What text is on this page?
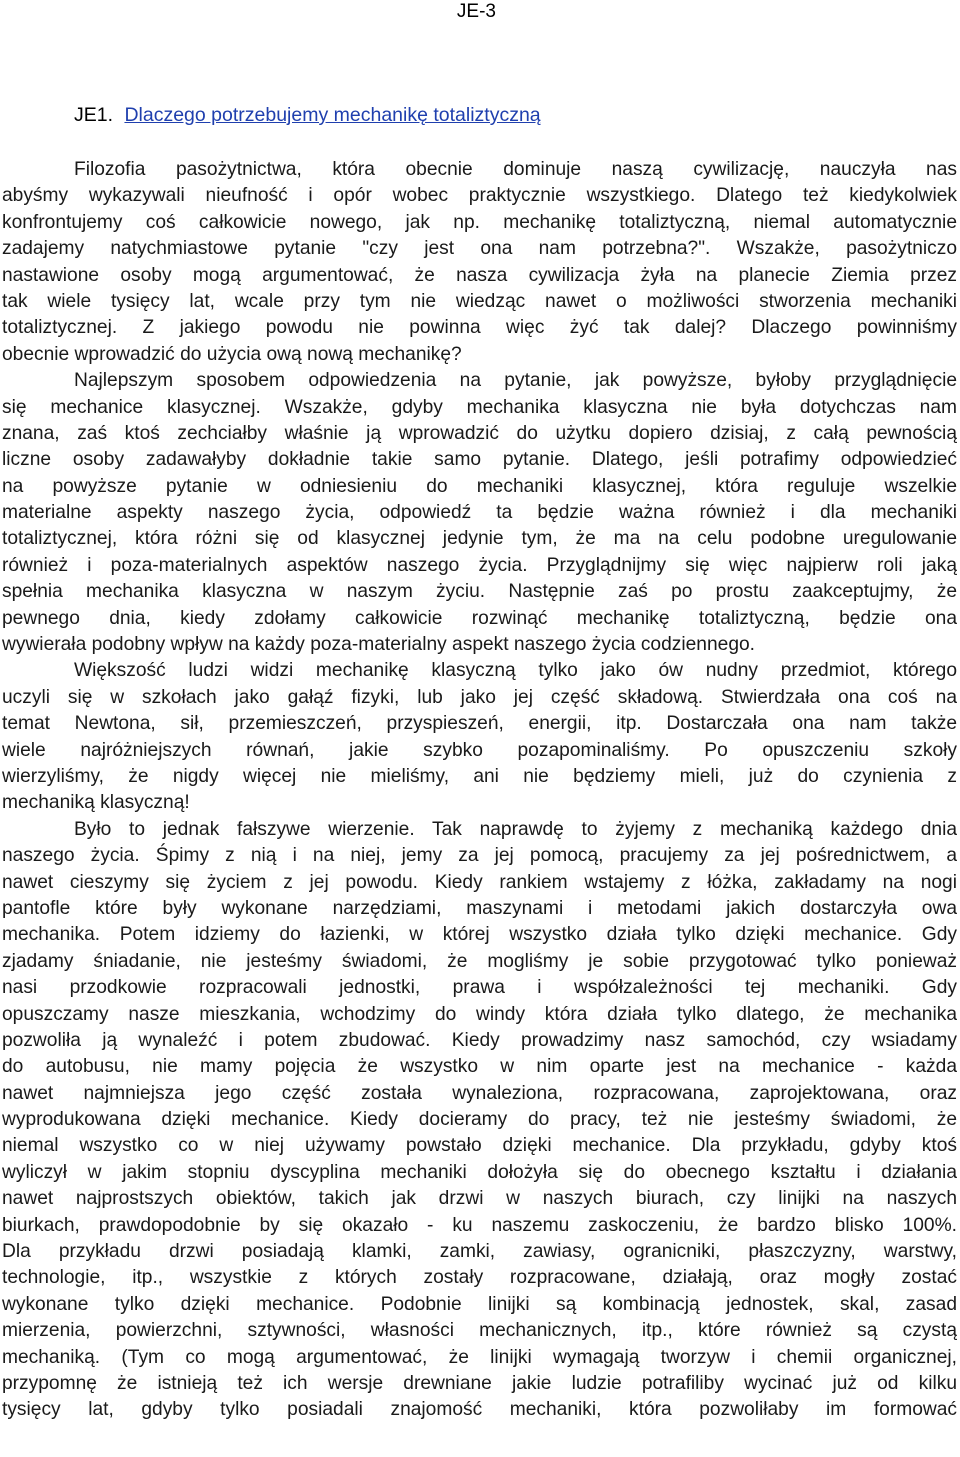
JE-3
JE1. Dlaczego potrzebujemy mechanikę totaliztyczną
Filozofia pasożytnictwa, która obecnie dominuje naszą cywilizację, nauczyła nas
abyśmy wykazywali nieufność i opór wobec praktycznie wszystkiego. Dlatego też kiedykolwiek
konfrontujemy coś całkowicie nowego, jak np. mechanikę totaliztyczną, niemal automatycznie
zadajemy natychmiastowe pytanie "czy jest ona nam potrzebna?". Wszakże, pasożytniczo
nastawione osoby mogą argumentować, że nasza cywilizacja żyła na planecie Ziemia przez
tak wiele tysięcy lat, wcale przy tym nie wiedząc nawet o możliwości stworzenia mechaniki
totaliztycznej. Z jakiego powodu nie powinna więc żyć tak dalej? Dlaczego powinniśmy
obecnie wprowadzić do użycia ową nową mechanikę?
Najlepszym sposobem odpowiedzenia na pytanie, jak powyższe, byłoby przyglądnięcie
się mechanice klasycznej. Wszakże, gdyby mechanika klasyczna nie była dotychczas nam
znana, zaś ktoś zechciałby właśnie ją wprowadzić do użytku dopiero dzisiaj, z całą pewnością
liczne osoby zadawałyby dokładnie takie samo pytanie. Dlatego, jeśli potrafimy odpowiedzieć
na powyższe pytanie w odniesieniu do mechaniki klasycznej, która reguluje wszelkie
materialne aspekty naszego życia, odpowiedź ta będzie ważna również i dla mechaniki
totaliztycznej, która różni się od klasycznej jedynie tym, że ma na celu podobne uregulowanie
również i poza-materialnych aspektów naszego życia. Przyglądnijmy się więc najpierw roli jaką
spełnia mechanika klasyczna w naszym życiu. Następnie zaś po prostu zaakceptujmy, że
pewnego dnia, kiedy zdołamy całkowicie rozwinąć mechanikę totaliztyczną, będzie ona
wywierała podobny wpływ na każdy poza-materialny aspekt naszego życia codziennego.
Większość ludzi widzi mechanikę klasyczną tylko jako ów nudny przedmiot, którego
uczyli się w szkołach jako gałąź fizyki, lub jako jej część składową. Stwierdzała ona coś na
temat Newtona, sił, przemieszczeń, przyspieszeń, energii, itp. Dostarczała ona nam także
wiele najróżniejszych równań, jakie szybko pozapominaliśmy. Po opuszczeniu szkoły
wierzyliśmy, że nigdy więcej nie mieliśmy, ani nie będziemy mieli, już do czynienia z
mechaniką klasyczną!
Było to jednak fałszywe wierzenie. Tak naprawdę to żyjemy z mechaniką każdego dnia
naszego życia. Śpimy z nią i na niej, jemy za jej pomocą, pracujemy za jej pośrednictwem, a
nawet cieszymy się życiem z jej powodu. Kiedy rankiem wstajemy z łóżka, zakładamy na nogi
pantofle które były wykonane narzędziami, maszynami i metodami jakich dostarczyła owa
mechanika. Potem idziemy do łazienki, w której wszystko działa tylko dzięki mechanice. Gdy
zjadamy śniadanie, nie jesteśmy świadomi, że mogliśmy je sobie przygotować tylko ponieważ
nasi przodkowie rozpracowali jednostki, prawa i współzależności tej mechaniki. Gdy
opuszczamy nasze mieszkania, wchodzimy do windy która działa tylko dlatego, że mechanika
pozwoliła ją wynaleźć i potem zbudować. Kiedy prowadzimy nasz samochód, czy wsiadamy
do autobusu, nie mamy pojęcia że wszystko w nim oparte jest na mechanice - każda
nawet najmniejsza jego część została wynaleziona, rozpracowana, zaprojektowana, oraz
wyprodukowana dzięki mechanice. Kiedy docieramy do pracy, też nie jesteśmy świadomi, że
niemal wszystko co w niej używamy powstało dzięki mechanice. Dla przykładu, gdyby ktoś
wyliczył w jakim stopniu dyscyplina mechaniki dołożyła się do obecnego kształtu i działania
nawet najprostszych obiektów, takich jak drzwi w naszych biurach, czy linijki na naszych
biurkach, prawdopodobnie by się okazało - ku naszemu zaskoczeniu, że bardzo blisko 100%.
Dla przykładu drzwi posiadają klamki, zamki, zawiasy, ogranicniki, płaszczyzny, warstwy,
technologie, itp., wszystkie z których zostały rozpracowane, działają, oraz mogły zostać
wykonane tylko dzięki mechanice. Podobnie linijki są kombinacją jednostek, skal, zasad
mierzenia, powierzchni, sztywności, własności mechanicznych, itp., które również są czystą
mechaniką. (Tym co mogą argumentować, że linijki wymagają tworzyw i chemii organicznej,
przypomnę że istnieją też ich wersje drewniane jakie ludzie potrafiliby wycinać już od kilku
tysięcy lat, gdyby tylko posiadali znajomość mechaniki, która pozwoliłaby im formować
